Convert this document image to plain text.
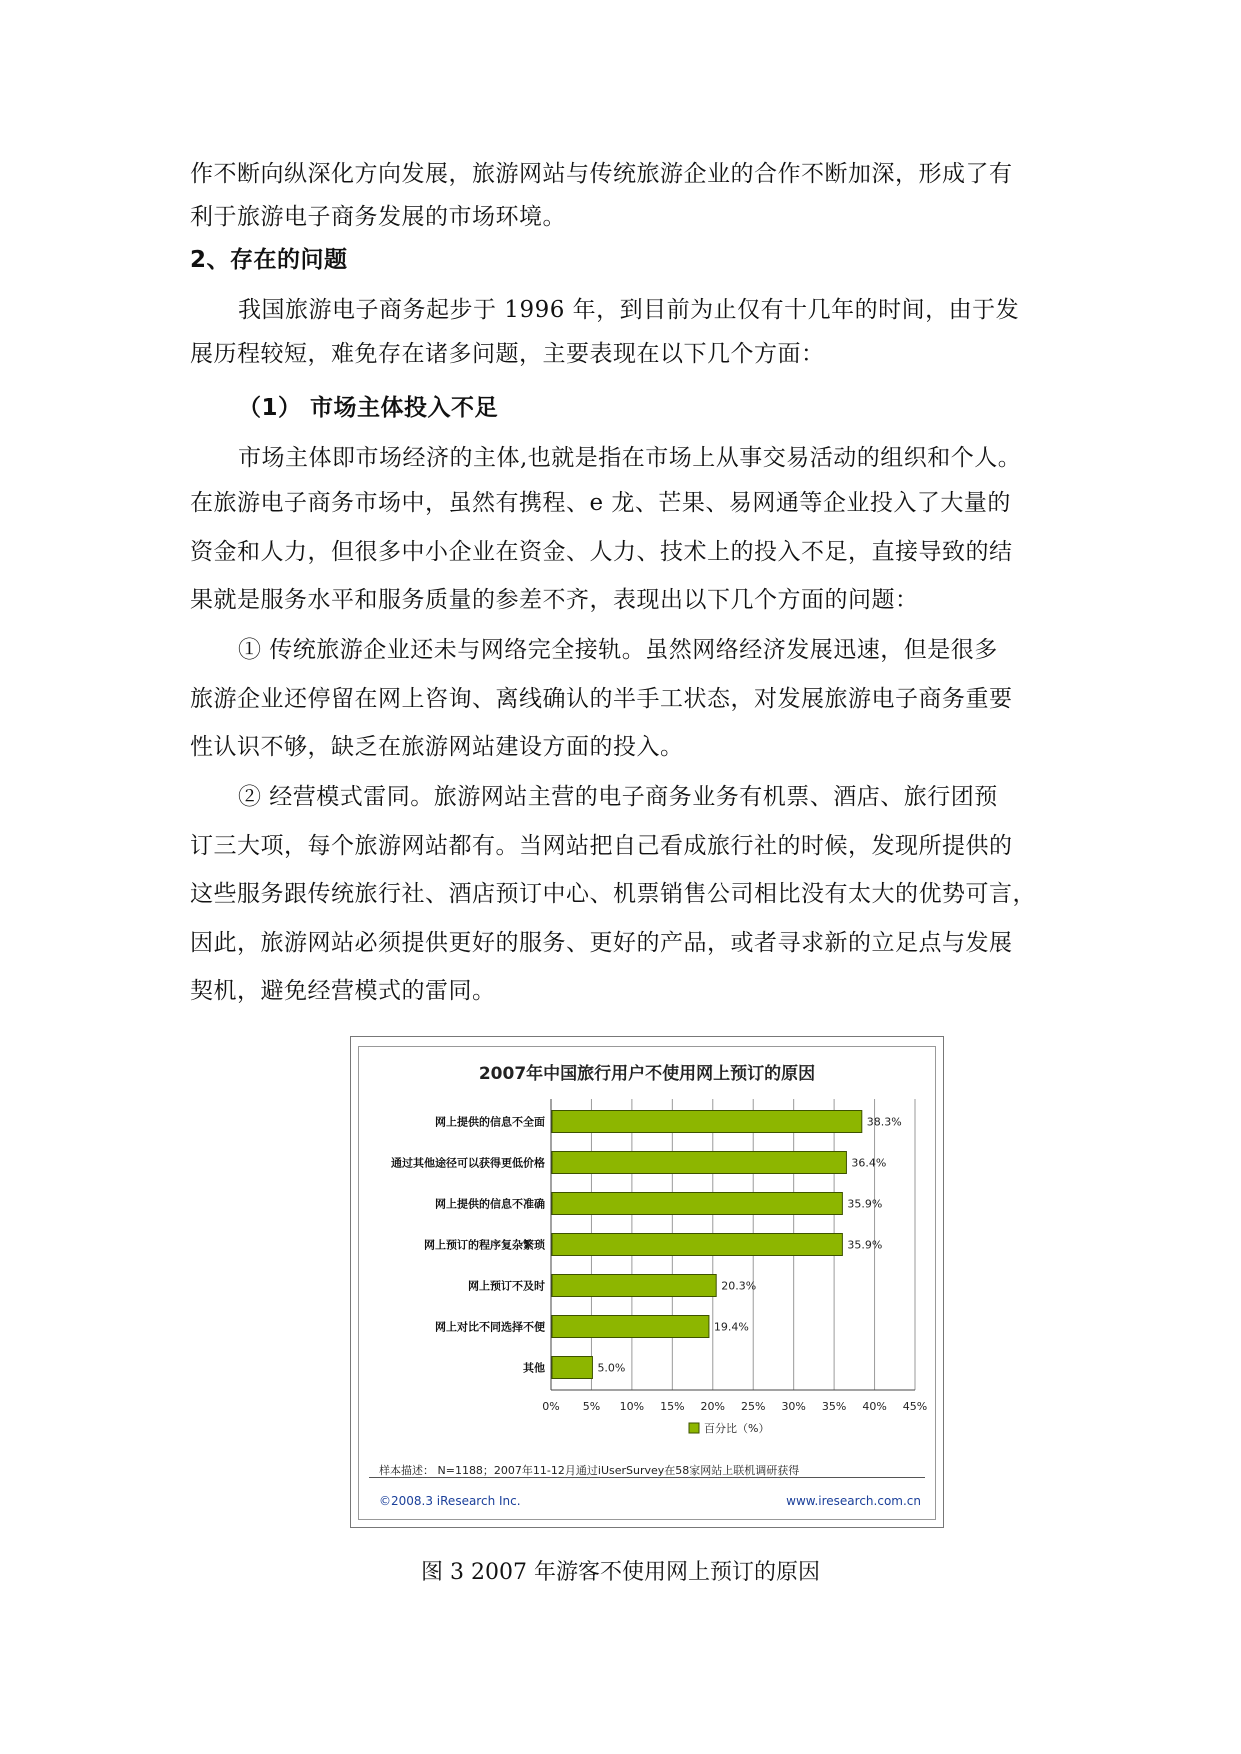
作不断向纵深化方向发展，旅游网站与传统旅游企业的合作不断加深，形成了有
利于旅游电子商务发展的市场环境。
2、存在的问题
我国旅游电子商务起步于 1996 年，到目前为止仅有十几年的时间，由于发
展历程较短，难免存在诸多问题，主要表现在以下几个方面：
（1） 市场主体投入不足
市场主体即市场经济的主体,也就是指在市场上从事交易活动的组织和个人。
在旅游电子商务市场中，虽然有携程、e 龙、芒果、易网通等企业投入了大量的
资金和人力，但很多中小企业在资金、人力、技术上的投入不足，直接导致的结
果就是服务水平和服务质量的参差不齐，表现出以下几个方面的问题：
① 传统旅游企业还未与网络完全接轨。虽然网络经济发展迅速，但是很多
旅游企业还停留在网上咨询、离线确认的半手工状态，对发展旅游电子商务重要
性认识不够，缺乏在旅游网站建设方面的投入。
② 经营模式雷同。旅游网站主营的电子商务业务有机票、酒店、旅行团预
订三大项，每个旅游网站都有。当网站把自己看成旅行社的时候，发现所提供的
这些服务跟传统旅行社、酒店预订中心、机票销售公司相比没有太大的优势可言，
因此，旅游网站必须提供更好的服务、更好的产品，或者寻求新的立足点与发展
契机，避免经营模式的雷同。
2007年中国旅行用户不使用网上预订的原因
0% 5% 10% 15% 20% 25% 30% 35% 40% 45%
网上提供的信息不全面	38.3%
通过其他途径可以获得更低价格	36.4%
网上提供的信息不准确	35.9%
网上预订的程序复杂繁琐	35.9%
网上预订不及时	20.3%
网上对比不同选择不便	19.4%
其他	5.0%
百分比（%）
样本描述： N=1188；2007年11-12月通过iUserSurvey在58家网站上联机调研获得
©2008.3 iResearch Inc.	www.iresearch.com.cn
图 3 2007 年游客不使用网上预订的原因
